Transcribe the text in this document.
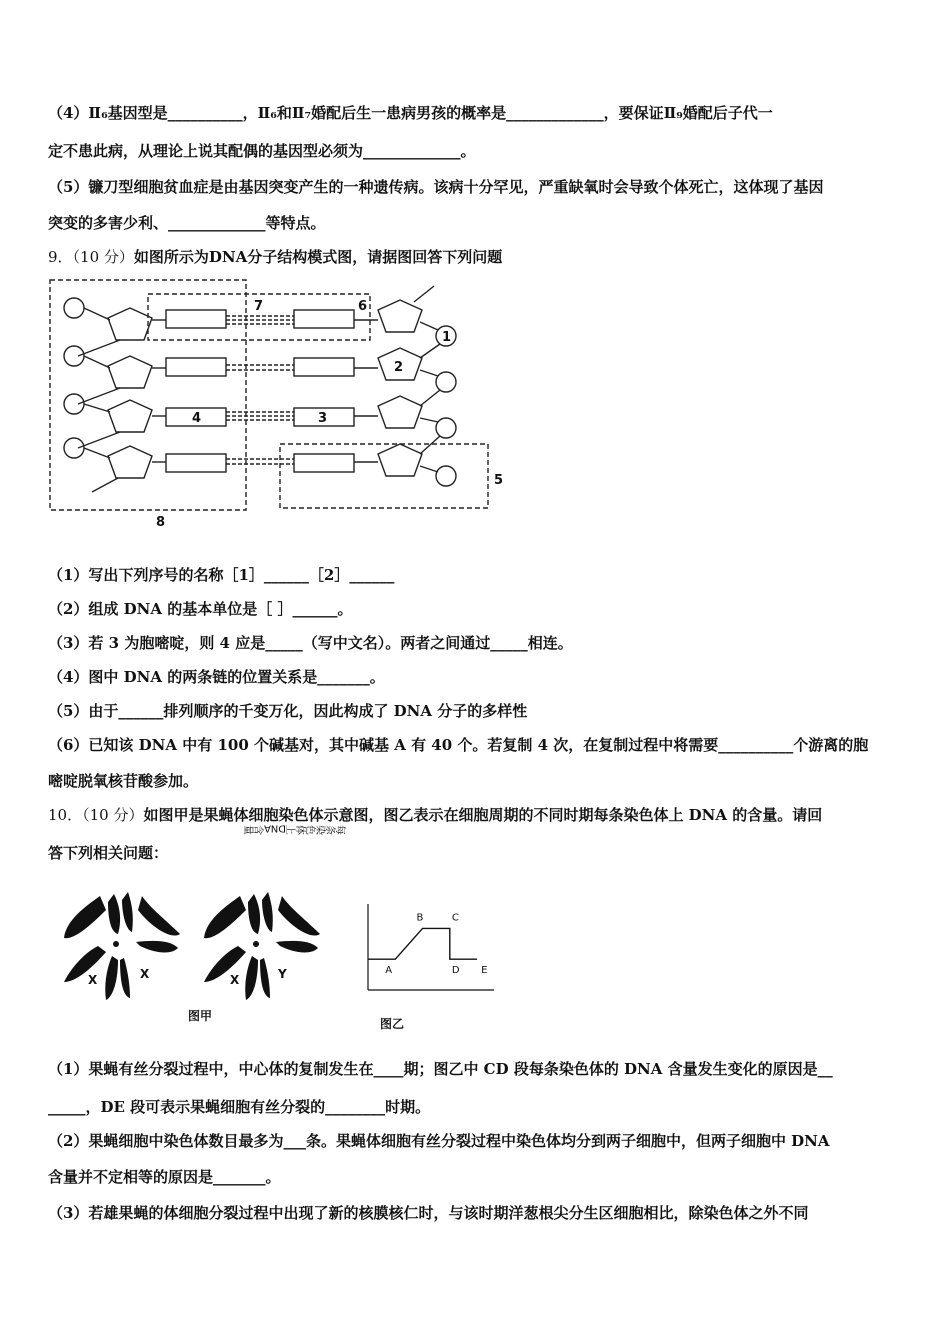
（4）Ⅱ₆基因型是__________，Ⅱ₆和Ⅱ₇婚配后生一患病男孩的概率是_____________，要保证Ⅱ₉婚配后子代一
定不患此病，从理论上说其配偶的基因型必须为_____________。
（5）镰刀型细胞贫血症是由基因突变产生的一种遗传病。该病十分罕见，严重缺氧时会导致个体死亡，这体现了基因
突变的多害少利、_____________等特点。
9．（10 分）如图所示为DNA分子结构模式图，请据图回答下列问题
7	6
1
2
4	3
5
8
（1）写出下列序号的名称［1］______［2］______
（2）组成 DNA 的基本单位是［ ］______。
（3）若 3 为胞嘧啶，则 4 应是_____（写中文名）。两者之间通过_____相连。
（4）图中 DNA 的两条链的位置关系是_______。
（5）由于______排列顺序的千变万化，因此构成了 DNA 分子的多样性
（6）已知该 DNA 中有 100 个碱基对，其中碱基 A 有 40 个。若复制 4 次，在复制过程中将需要__________个游离的胞
嘧啶脱氧核苷酸参加。
10．（10 分）如图甲是果蝇体细胞染色体示意图，图乙表示在细胞周期的不同时期每条染色体上 DNA 的含量。请回
答下列相关问题：
X	X	X	Y
图甲
每条染色体上DNA含量
A
B	C
D E
图乙
（1）果蝇有丝分裂过程中，中心体的复制发生在____期；图乙中 CD 段每条染色体的 DNA 含量发生变化的原因是__
_____，DE 段可表示果蝇细胞有丝分裂的________时期。
（2）果蝇细胞中染色体数目最多为___条。果蝇体细胞有丝分裂过程中染色体均分到两子细胞中，但两子细胞中 DNA
含量并不定相等的原因是_______。
（3）若雄果蝇的体细胞分裂过程中出现了新的核膜核仁时，与该时期洋葱根尖分生区细胞相比，除染色体之外不同
